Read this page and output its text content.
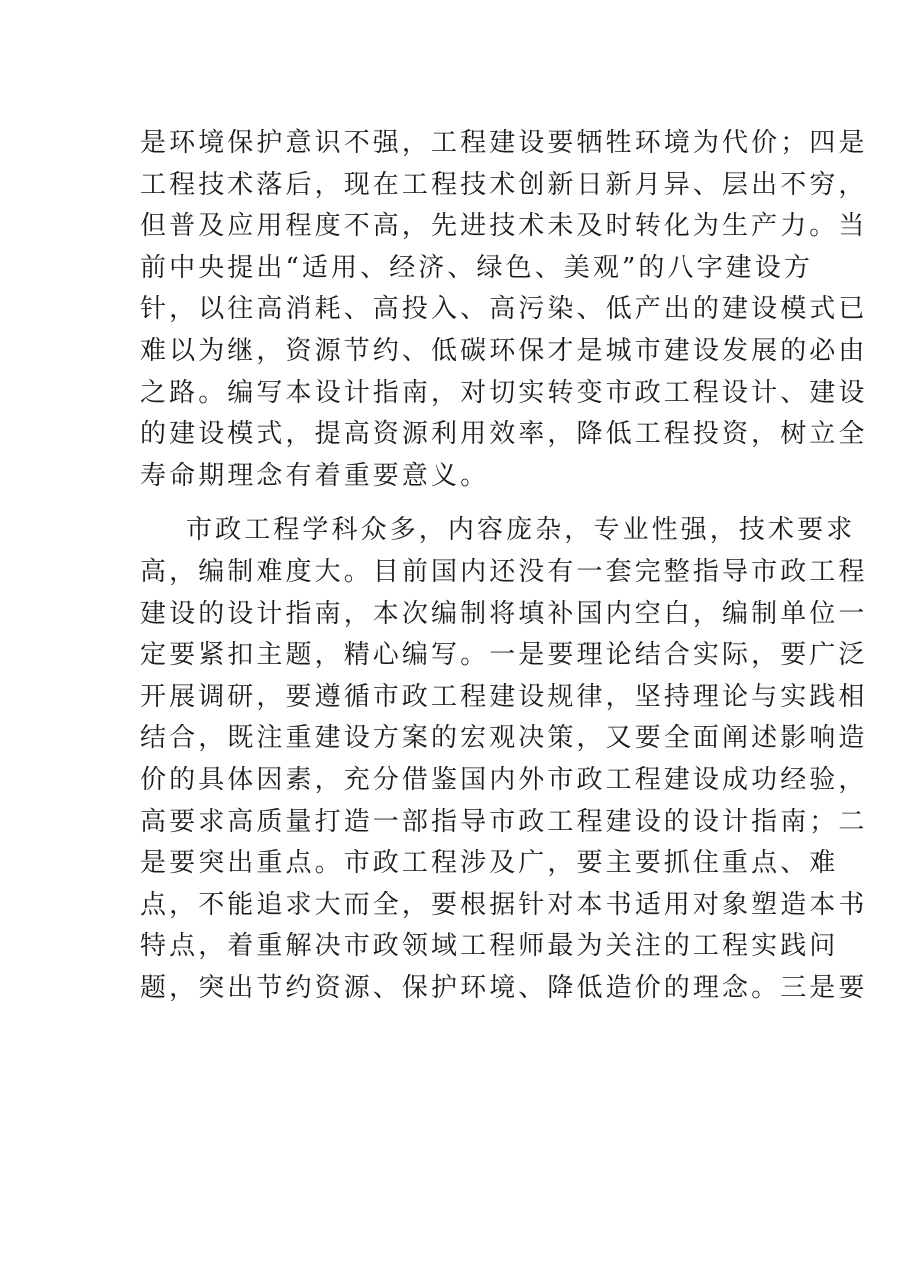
是环境保护意识不强，工程建设要牺牲环境为代价；四是
工程技术落后，现在工程技术创新日新月异、层出不穷，
但普及应用程度不高，先进技术未及时转化为生产力。当
前中央提出“适用、经济、绿色、美观”的八字建设方
针，以往高消耗、高投入、高污染、低产出的建设模式已
难以为继，资源节约、低碳环保才是城市建设发展的必由
之路。编写本设计指南，对切实转变市政工程设计、建设
的建设模式，提高资源利用效率，降低工程投资，树立全
寿命期理念有着重要意义。
市政工程学科众多，内容庞杂，专业性强，技术要求
高，编制难度大。目前国内还没有一套完整指导市政工程
建设的设计指南，本次编制将填补国内空白，编制单位一
定要紧扣主题，精心编写。一是要理论结合实际，要广泛
开展调研，要遵循市政工程建设规律，坚持理论与实践相
结合，既注重建设方案的宏观决策，又要全面阐述影响造
价的具体因素，充分借鉴国内外市政工程建设成功经验，
高要求高质量打造一部指导市政工程建设的设计指南；二
是要突出重点。市政工程涉及广，要主要抓住重点、难
点，不能追求大而全，要根据针对本书适用对象塑造本书
特点，着重解决市政领域工程师最为关注的工程实践问
题，突出节约资源、保护环境、降低造价的理念。三是要
